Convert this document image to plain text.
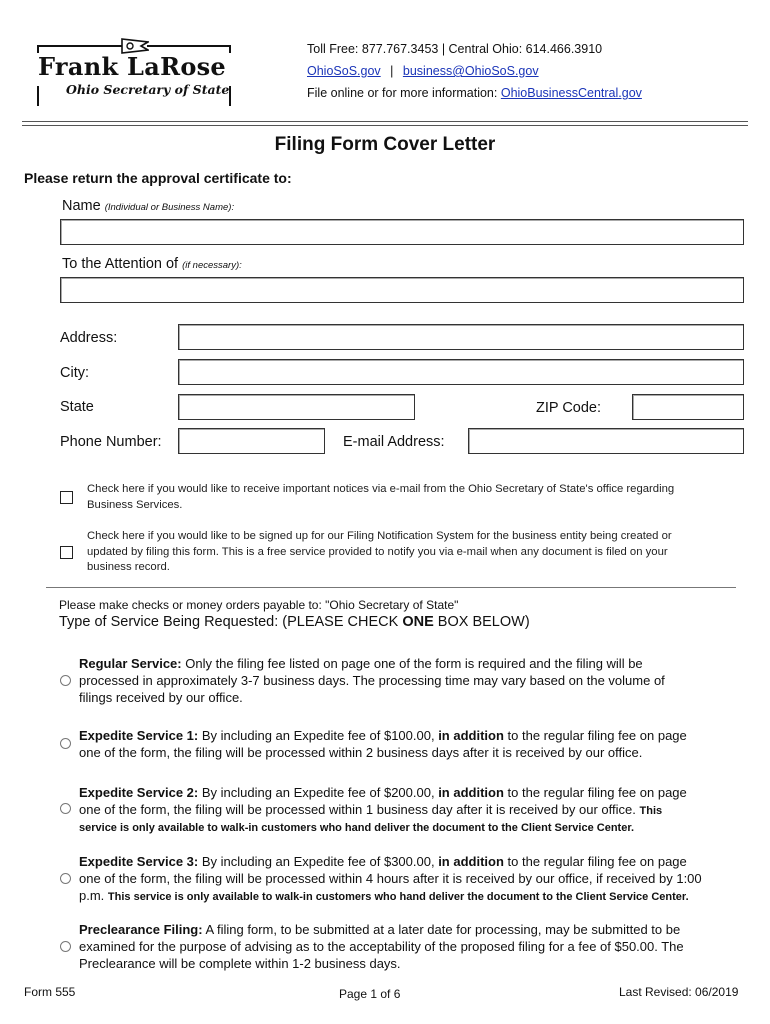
Frank LaRose
Ohio Secretary of State
Toll Free: 877.767.3453 | Central Ohio: 614.466.3910
OhioSoS.gov | business@OhioSoS.gov
File online or for more information: OhioBusinessCentral.gov
Filing Form Cover Letter
Please return the approval certificate to:
Name (Individual or Business Name):
To the Attention of (if necessary):
Address:
City:
State	ZIP Code:
Phone Number:	E-mail Address:
Check here if you would like to receive important notices via e-mail from the Ohio Secretary of State's office regarding
Business Services.
Check here if you would like to be signed up for our Filing Notification System for the business entity being created or
updated by filing this form. This is a free service provided to notify you via e-mail when any document is filed on your
business record.
Please make checks or money orders payable to: "Ohio Secretary of State"
Type of Service Being Requested: (PLEASE CHECK ONE BOX BELOW)
Regular Service: Only the filing fee listed on page one of the form is required and the filing will be
processed in approximately 3-7 business days. The processing time may vary based on the volume of
filings received by our office.
Expedite Service 1: By including an Expedite fee of $100.00, in addition to the regular filing fee on page
one of the form, the filing will be processed within 2 business days after it is received by our office.
Expedite Service 2: By including an Expedite fee of $200.00, in addition to the regular filing fee on page
one of the form, the filing will be processed within 1 business day after it is received by our office. This
service is only available to walk-in customers who hand deliver the document to the Client Service Center.
Expedite Service 3: By including an Expedite fee of $300.00, in addition to the regular filing fee on page
one of the form, the filing will be processed within 4 hours after it is received by our office, if received by 1:00
p.m. This service is only available to walk-in customers who hand deliver the document to the Client Service Center.
Preclearance Filing: A filing form, to be submitted at a later date for processing, may be submitted to be
examined for the purpose of advising as to the acceptability of the proposed filing for a fee of $50.00. The
Preclearance will be complete within 1-2 business days.
Form 555	Page 1 of 6	Last Revised: 06/2019
